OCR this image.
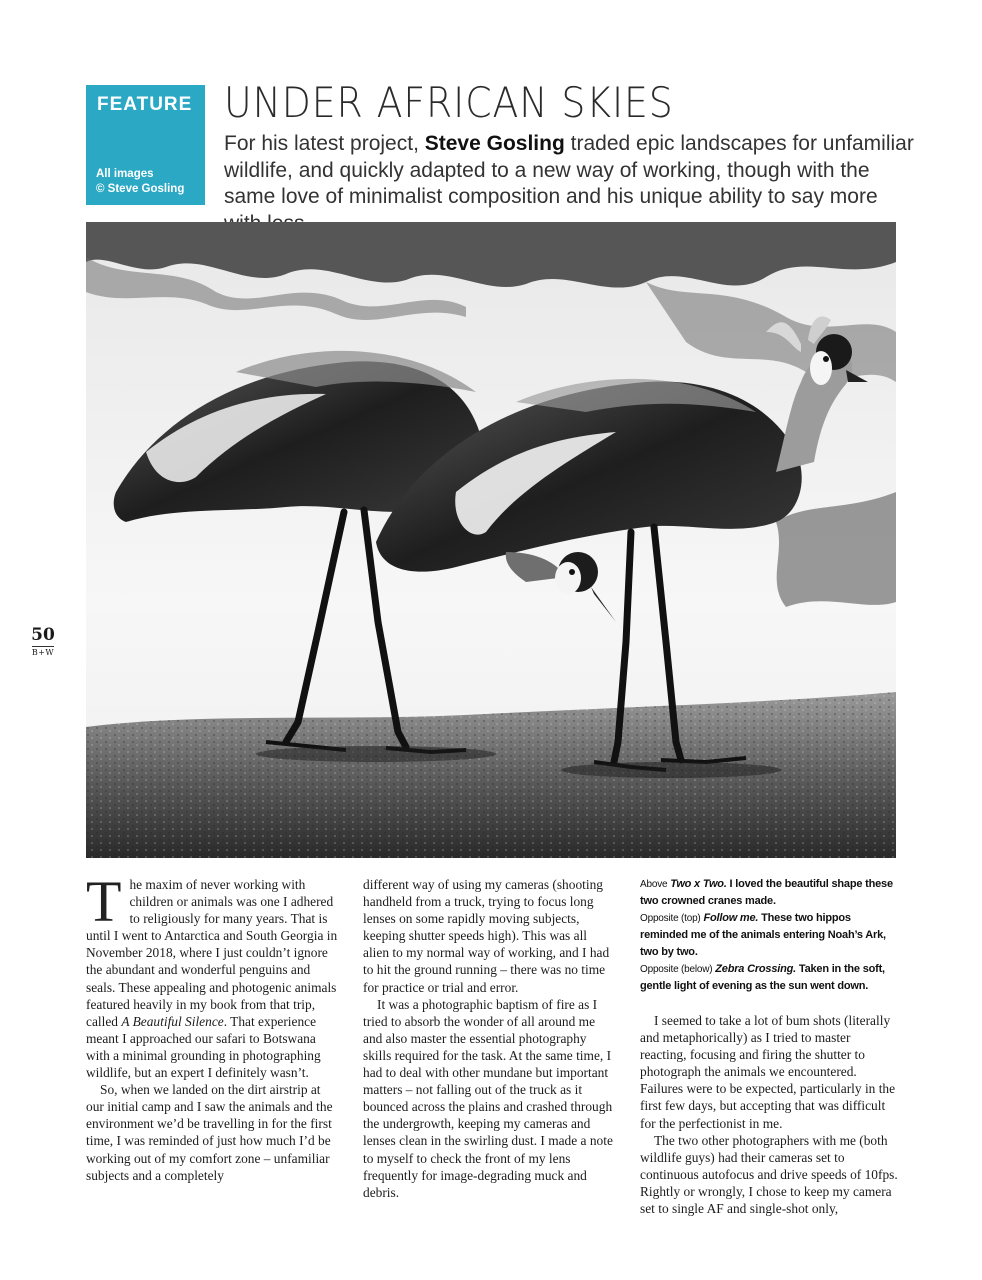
FEATURE
All images
© Steve Gosling
UNDER AFRICAN SKIES

For his latest project, Steve Gosling traded epic landscapes for unfamiliar wildlife, and quickly adapted to a new way of working, though with the same love of minimalist composition and his unique ability to say more

50
B+W

The maxim of never working with children or animals was one I adhered to religiously for many years. That is until I went to Antarctica and South Georgia in November 2018, where I just couldn’t ignore the abundant and wonderful penguins and seals. These appealing and photogenic animals featured heavily in my book from that trip, called A Beautiful Silence. That experience meant I approached our safari to Botswana with a minimal grounding in photographing wildlife, but an expert I definitely wasn’t.

So, when we landed on the dirt airstrip at our initial camp and I saw the animals and the environment we’d be travelling in for the first time, I was reminded of just how much I’d be working out of my comfort zone – unfamiliar subjects and a completely

different way of using my cameras (shooting handheld from a truck, trying to focus long lenses on some rapidly moving subjects, keeping shutter speeds high). This was all alien to my normal way of working, and I had to hit the ground running – there was no time for practice or trial and error.

It was a photographic baptism of fire as I tried to absorb the wonder of all around me and also master the essential photography skills required for the task. At the same time, I had to deal with other mundane but important matters – not falling out of the truck as it bounced across the plains and crashed through the undergrowth, keeping my cameras and lenses clean in the swirling dust. I made a note to myself to check the front of my lens frequently for image-degrading muck and debris.

Above Two x Two. I loved the beautiful shape these two crowned cranes made.
Opposite (top) Follow me. These two hippos reminded me of the animals entering Noah’s Ark, two by two.
Opposite (below) Zebra Crossing. Taken in the soft, gentle light of evening as the sun went down.

I seemed to take a lot of bum shots (literally and metaphorically) as I tried to master reacting, focusing and firing the shutter to photograph the animals we encountered. Failures were to be expected, particularly in the first few days, but accepting that was difficult for the perfectionist in me.

The two other photographers with me (both wildlife guys) had their cameras set to continuous autofocus and drive speeds of 10fps. Rightly or wrongly, I chose to keep my camera set to single AF and single-shot only,
